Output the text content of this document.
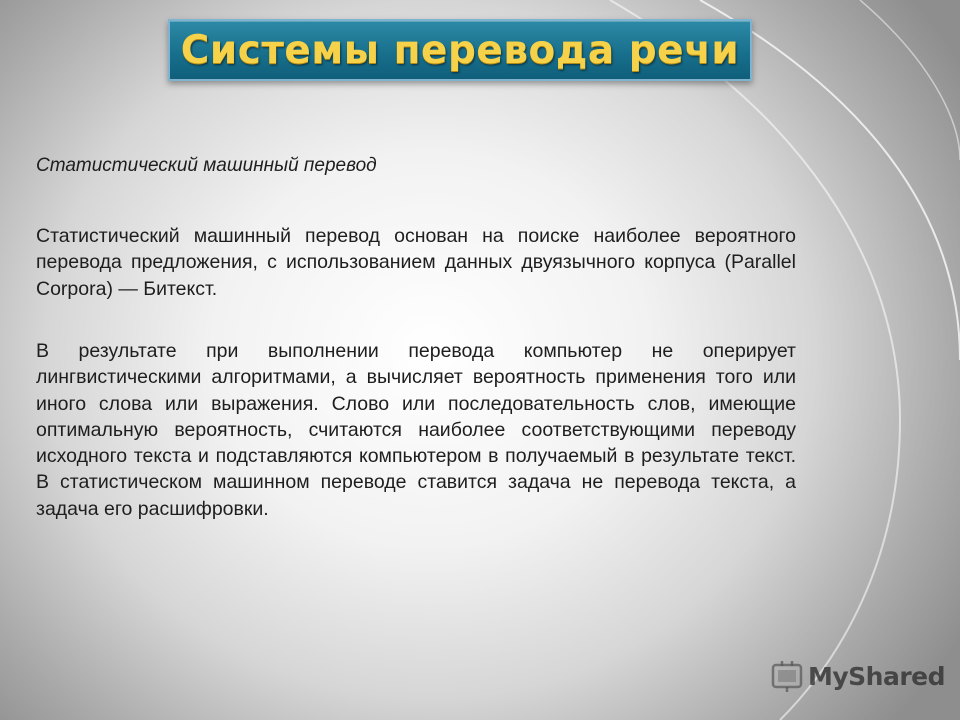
Системы перевода речи
Статистический машинный перевод
Статистический машинный перевод основан на поиске наиболее вероятного перевода предложения, с использованием данных двуязычного корпуса (Parallel Corpora) — Битекст.
В результате при выполнении перевода компьютер не оперирует лингвистическими алгоритмами, а вычисляет вероятность применения того или иного слова или выражения. Слово или последовательность слов, имеющие оптимальную вероятность, считаются наиболее соответствующими переводу исходного текста и подставляются компьютером в получаемый в результате текст. В статистическом машинном переводе ставится задача не перевода текста, а задача его расшифровки.
MyShared
